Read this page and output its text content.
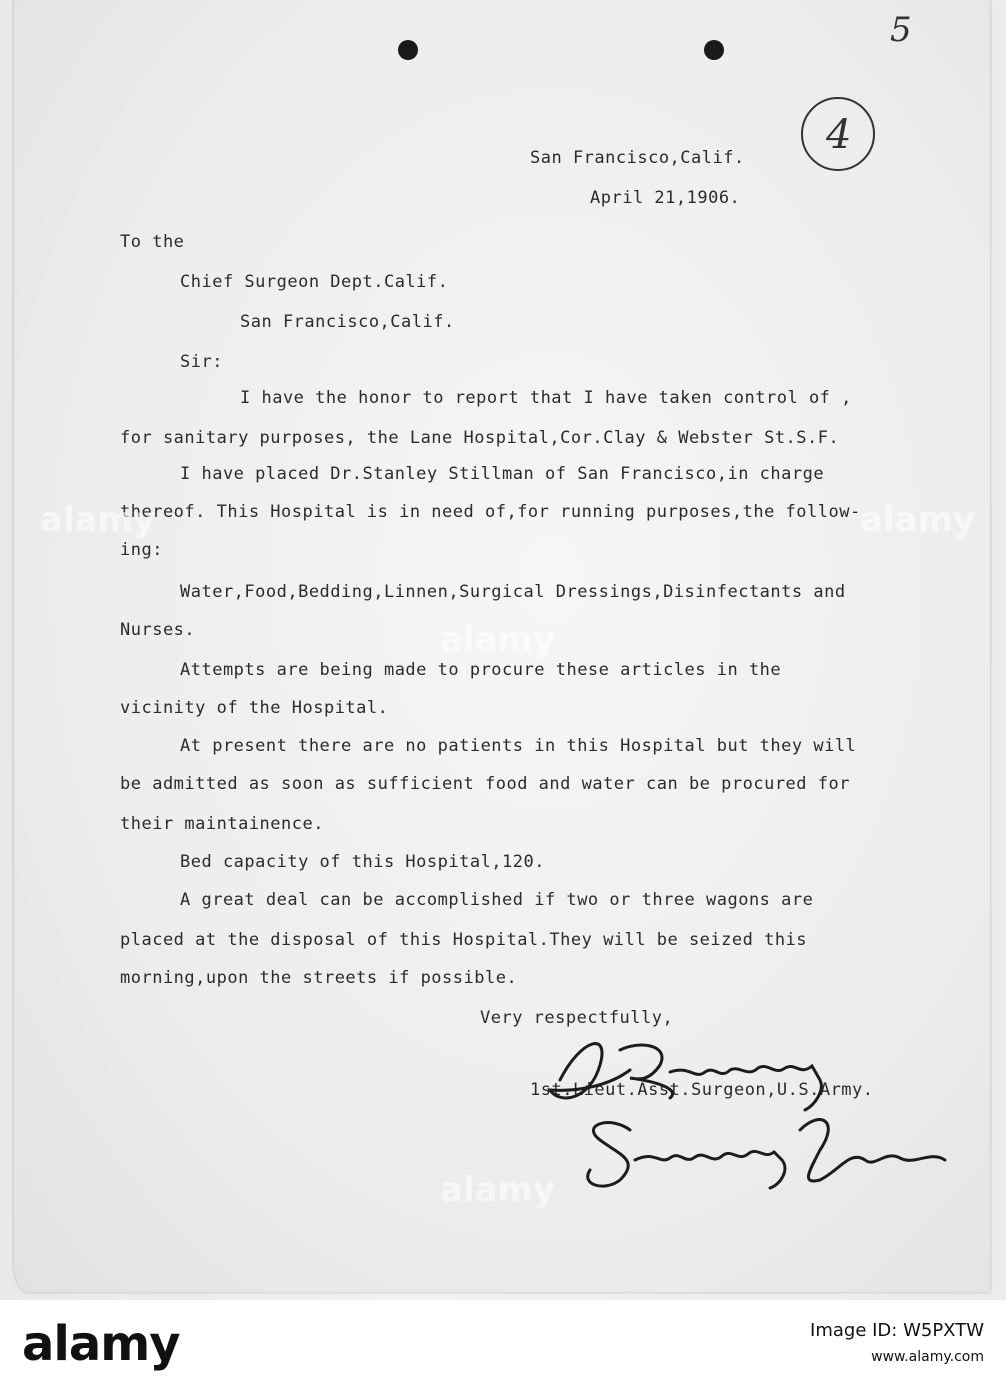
5
4
San Francisco,Calif.
April 21,1906.
To the
Chief Surgeon Dept.Calif.
San Francisco,Calif.
Sir:
I have the honor to report that I have taken control of ,
for sanitary purposes, the Lane Hospital,Cor.Clay & Webster St.S.F.
I have placed Dr.Stanley Stillman of San Francisco,in charge
thereof. This Hospital is in need of,for running purposes,the follow-
ing:
Water,Food,Bedding,Linnen,Surgical Dressings,Disinfectants and
Nurses.
Attempts are being made to procure these articles in the
vicinity of the Hospital.
At present there are no patients in this Hospital but they will
be admitted as soon as sufficient food and water can be procured for
their maintainence.
Bed capacity of this Hospital,120.
A great deal can be accomplished if two or three wagons are
placed at the disposal of this Hospital.They will be seized this
morning,upon the streets if possible.
Very respectfully,
1st.Lieut.Asst.Surgeon,U.S.Army.
L. Breckinridge Jr.
Sanitary Officer
alamy
alamy
alamy
alamy
alamy	Image ID: W5PXTW
www.alamy.com
